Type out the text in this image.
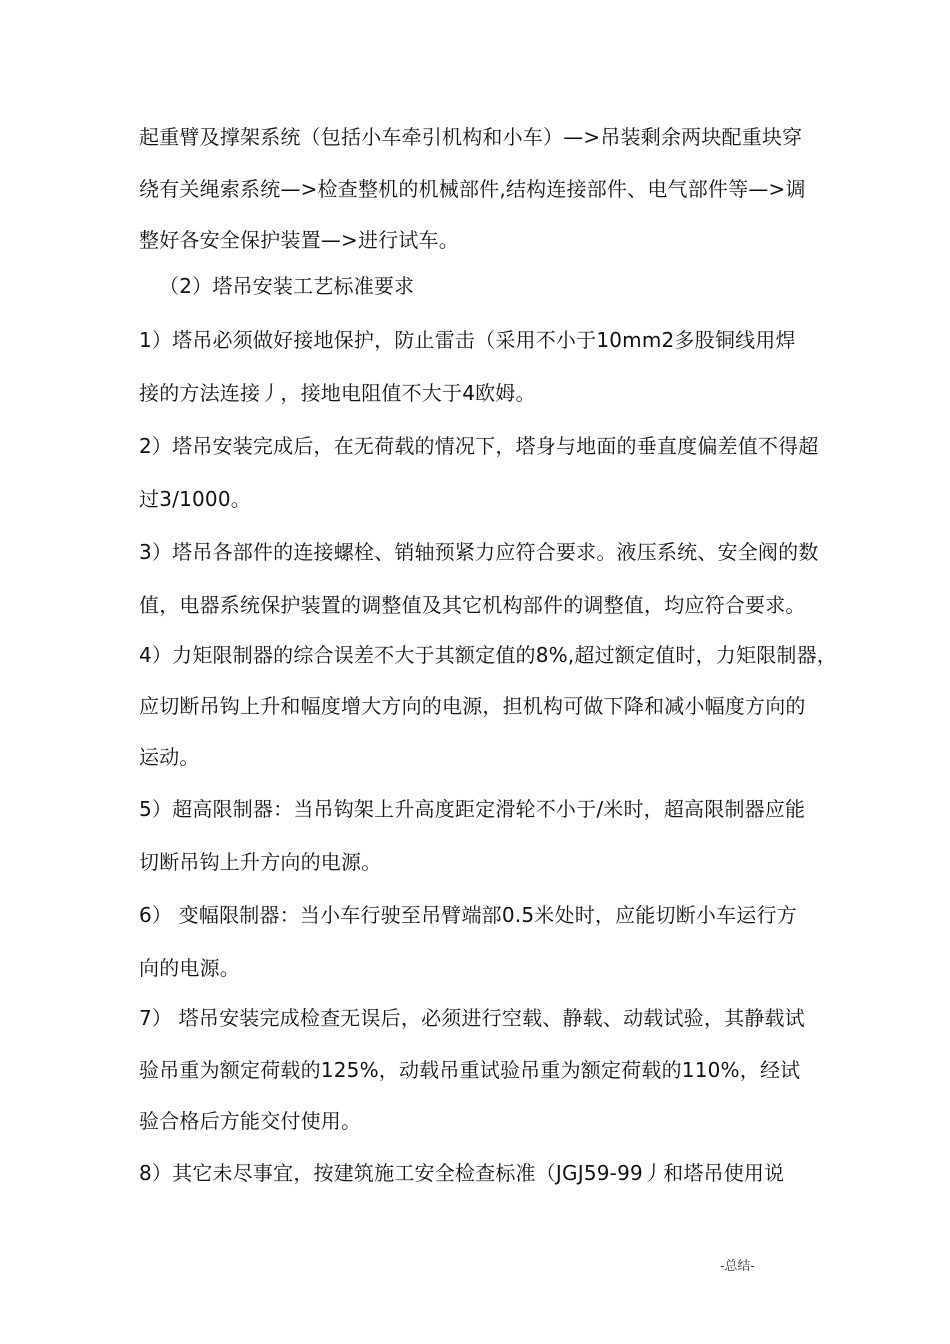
起重臂及撑架系统（包括小车牵引机构和小车）—>吊装剩余两块配重块穿
绕有关绳索系统—>检查整机的机械部件,结构连接部件、电气部件等—>调
整好各安全保护装置—>进行试车。
（2）塔吊安装工艺标准要求
1）塔吊必须做好接地保护，防止雷击（采用不小于10mm2多股铜线用焊
接的方法连接丿，接地电阻值不大于4欧姆。
2）塔吊安装完成后，在无荷载的情况下，塔身与地面的垂直度偏差值不得超
过3/1000。
3）塔吊各部件的连接螺栓、销轴预紧力应符合要求。液压系统、安全阀的数
值，电器系统保护装置的调整值及其它机构部件的调整值，均应符合要求。
4）力矩限制器的综合误差不大于其额定值的8%,超过额定值时，力矩限制器，
应切断吊钩上升和幅度增大方向的电源，担机构可做下降和减小幅度方向的
运动。
5）超高限制器：当吊钩架上升高度距定滑轮不小于/米时，超高限制器应能
切断吊钩上升方向的电源。
6） 变幅限制器：当小车行驶至吊臂端部0.5米处时，应能切断小车运行方
向的电源。
7） 塔吊安装完成检查无误后，必须进行空载、静载、动载试验，其静载试
验吊重为额定荷载的125%，动载吊重试验吊重为额定荷载的110%，经试
验合格后方能交付使用。
8）其它未尽事宜，按建筑施工安全检查标准（JGJ59-99丿和塔吊使用说
-总结-
